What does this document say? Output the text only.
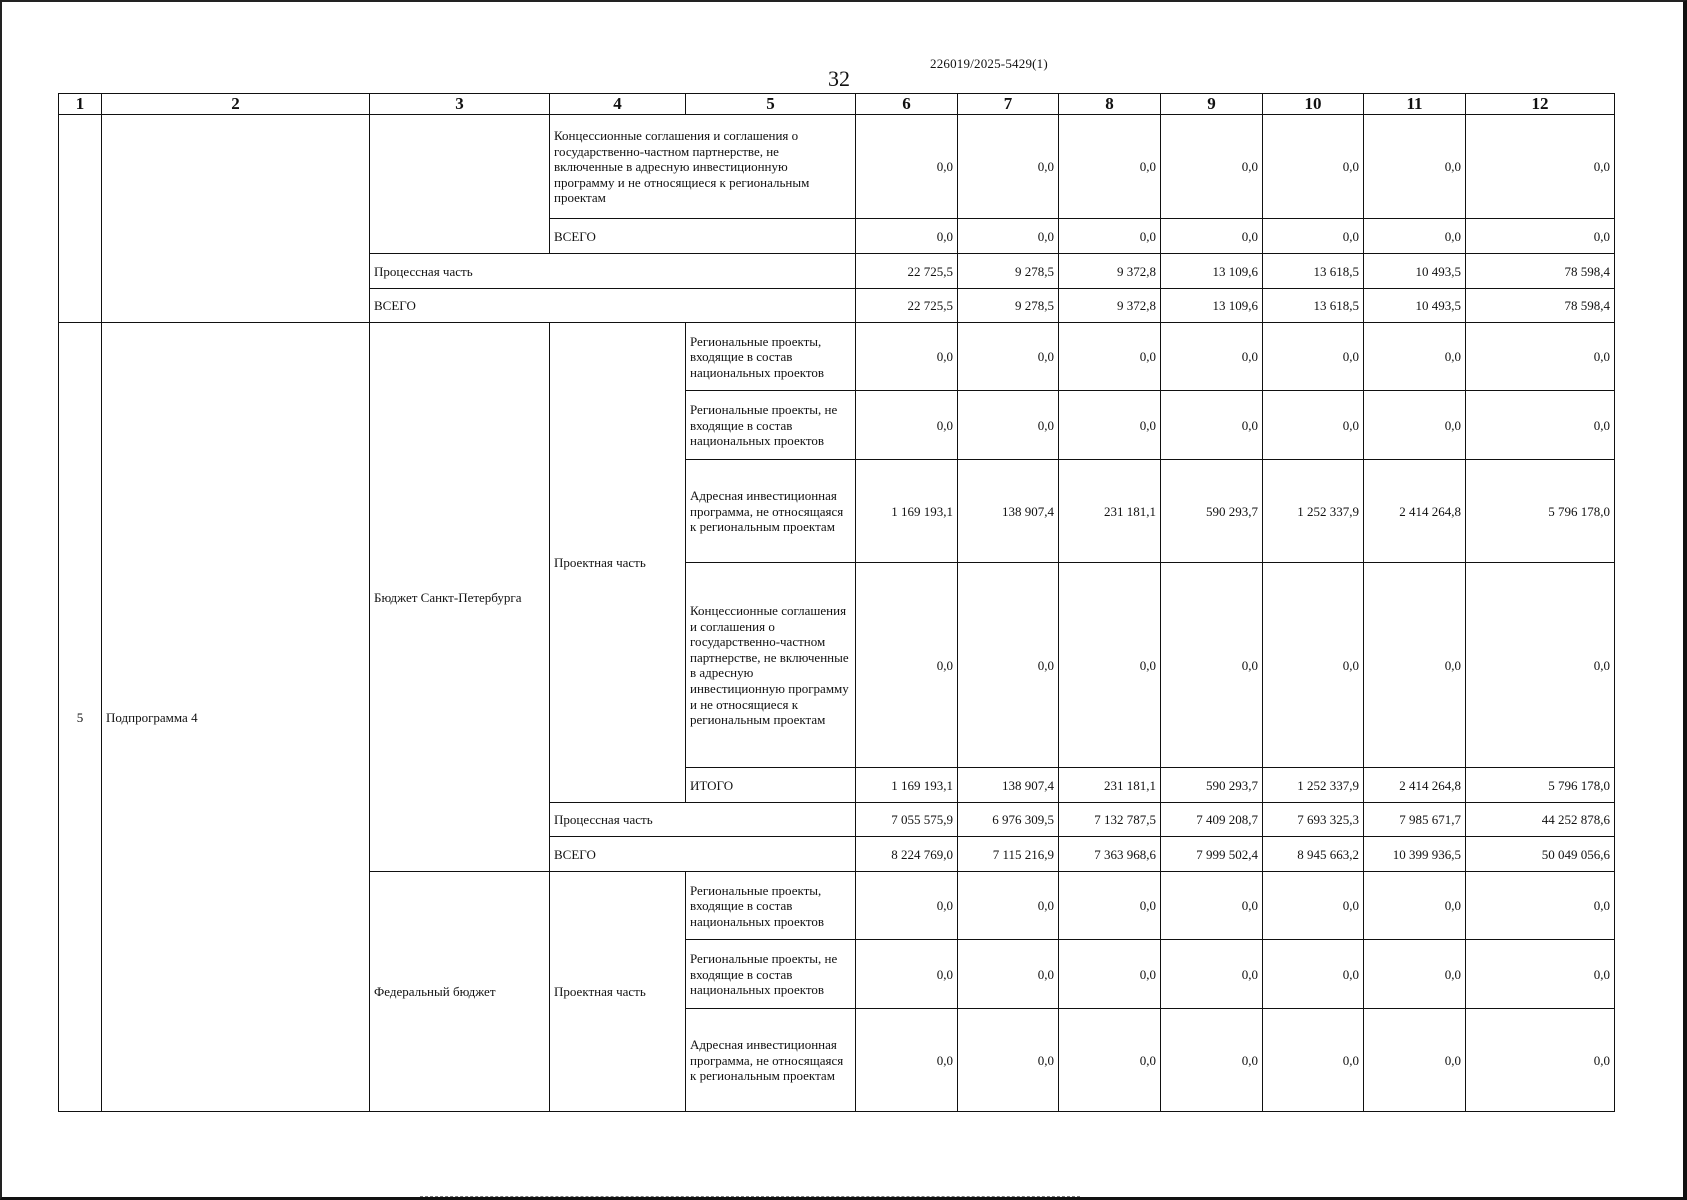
226019/2025-5429(1)
32
1	2	3	4	5	6	7	8	9	10	11	12
			Концессионные соглашения и соглашения о государственно-частном партнерстве, не включенные в адресную инвестиционную программу и не относящиеся к региональным проектам		0,0	0,0	0,0	0,0	0,0	0,0	0,0
			ВСЕГО		0,0	0,0	0,0	0,0	0,0	0,0	0,0
		Процессная часть			22 725,5	9 278,5	9 372,8	13 109,6	13 618,5	10 493,5	78 598,4
		ВСЕГО			22 725,5	9 278,5	9 372,8	13 109,6	13 618,5	10 493,5	78 598,4
5	Подпрограмма 4	Бюджет Санкт-Петербурга	Проектная часть	Региональные проекты, входящие в состав национальных проектов	0,0	0,0	0,0	0,0	0,0	0,0	0,0
				Региональные проекты, не входящие в состав национальных проектов	0,0	0,0	0,0	0,0	0,0	0,0	0,0
				Адресная инвестиционная программа, не относящаяся к региональным проектам	1 169 193,1	138 907,4	231 181,1	590 293,7	1 252 337,9	2 414 264,8	5 796 178,0
				Концессионные соглашения и соглашения о государственно-частном партнерстве, не включенные в адресную инвестиционную программу и не относящиеся к региональным проектам	0,0	0,0	0,0	0,0	0,0	0,0	0,0
				ИТОГО	1 169 193,1	138 907,4	231 181,1	590 293,7	1 252 337,9	2 414 264,8	5 796 178,0
			Процессная часть		7 055 575,9	6 976 309,5	7 132 787,5	7 409 208,7	7 693 325,3	7 985 671,7	44 252 878,6
			ВСЕГО		8 224 769,0	7 115 216,9	7 363 968,6	7 999 502,4	8 945 663,2	10 399 936,5	50 049 056,6
		Федеральный бюджет	Проектная часть	Региональные проекты, входящие в состав национальных проектов	0,0	0,0	0,0	0,0	0,0	0,0	0,0
				Региональные проекты, не входящие в состав национальных проектов	0,0	0,0	0,0	0,0	0,0	0,0	0,0
				Адресная инвестиционная программа, не относящаяся к региональным проектам	0,0	0,0	0,0	0,0	0,0	0,0	0,0
